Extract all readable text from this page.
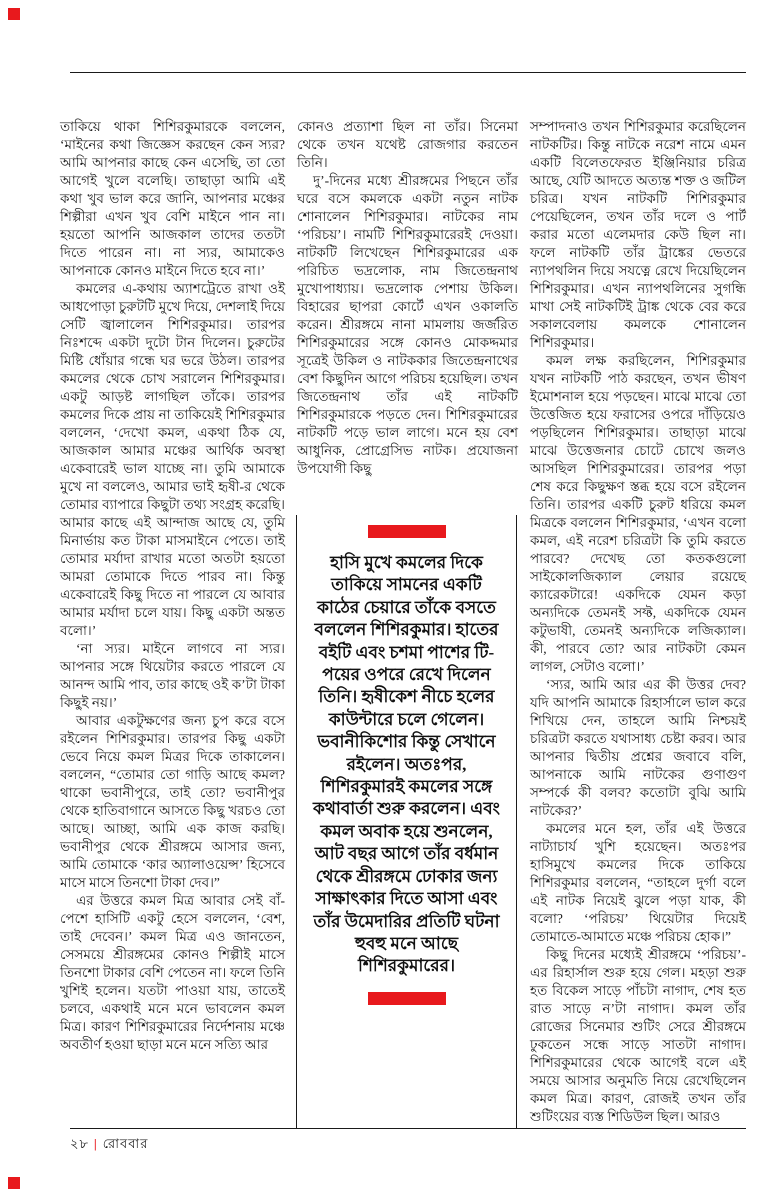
তাকিয়ে থাকা শিশিরকুমারকে বললেন, ‘মাইনের কথা জিজ্ঞেস করছেন কেন স্যর? আমি আপনার কাছে কেন এসেছি, তা তো আগেই খুলে বলেছি। তাছাড়া আমি এই কথা খুব ভাল করে জানি, আপনার মঞ্চের শিল্পীরা এখন খুব বেশি মাইনে পান না। হয়তো আপনি আজকাল তাদের ততটা দিতে পারেন না। না স্যর, আমাকেও আপনাকে কোনও মাইনে দিতে হবে না।’

কমলের এ-কথায় অ্যাশট্রেতে রাখা ওই আধপোড়া চুরুটটি মুখে দিয়ে, দেশলাই দিয়ে সেটি জ্বালালেন শিশিরকুমার। তারপর নিঃশব্দে একটা দুটো টান দিলেন। চুরুটের মিষ্টি ধোঁয়ার গন্ধে ঘর ভরে উঠল। তারপর কমলের থেকে চোখ সরালেন শিশিরকুমার। একটু আড়ষ্ট লাগছিল তাঁকে। তারপর কমলের দিকে প্রায় না তাকিয়েই শিশিরকুমার বললেন, ‘দেখো কমল, একথা ঠিক যে, আজকাল আমার মঞ্চের আর্থিক অবস্থা একেবারেই ভাল যাচ্ছে না। তুমি আমাকে মুখে না বললেও, আমার ভাই হৃষী-র থেকে তোমার ব্যাপারে কিছুটা তথ্য সংগ্রহ করেছি। আমার কাছে এই আন্দাজ আছে যে, তুমি মিনার্ভায় কত টাকা মাসমাইনে পেতে। তাই তোমার মর্যাদা রাখার মতো অতটা হয়তো আমরা তোমাকে দিতে পারব না। কিন্তু একেবারেই কিছু দিতে না পারলে যে আবার আমার মর্যাদা চলে যায়। কিছু একটা অন্তত বলো।’

‘না স্যর। মাইনে লাগবে না স্যর। আপনার সঙ্গে থিয়েটার করতে পারলে যে আনন্দ আমি পাব, তার কাছে ওই ক’টা টাকা কিছুই নয়।’

আবার একটুক্ষণের জন্য চুপ করে বসে রইলেন শিশিরকুমার। তারপর কিছু একটা ভেবে নিয়ে কমল মিত্রর দিকে তাকালেন। বললেন, “তোমার তো গাড়ি আছে কমল? থাকো ভবানীপুরে, তাই তো? ভবানীপুর থেকে হাতিবাগানে আসতে কিছু খরচও তো আছে। আচ্ছা, আমি এক কাজ করছি। ভবানীপুর থেকে শ্রীরঙ্গমে আসার জন্য, আমি তোমাকে ‘কার অ্যালাওয়েন্স’ হিসেবে মাসে মাসে তিনশো টাকা দেব।”

এর উত্তরে কমল মিত্র আবার সেই বাঁ-পেশে হাসিটি একটু হেসে বললেন, ‘বেশ, তাই দেবেন।’ কমল মিত্র এও জানতেন, সেসময়ে শ্রীরঙ্গমের কোনও শিল্পীই মাসে তিনশো টাকার বেশি পেতেন না। ফলে তিনি খুশিই হলেন। যতটা পাওয়া যায়, তাতেই চলবে, একথাই মনে মনে ভাবলেন কমল মিত্র। কারণ শিশিরকুমারের নির্দেশনায় মঞ্চে অবতীর্ণ হওয়া ছাড়া মনে মনে সত্যি আর

কোনও প্রত্যাশা ছিল না তাঁর। সিনেমা থেকে তখন যথেষ্ট রোজগার করতেন তিনি।

দু’-দিনের মধ্যে শ্রীরঙ্গমের পিছনে তাঁর ঘরে বসে কমলকে একটা নতুন নাটক শোনালেন শিশিরকুমার। নাটকের নাম ‘পরিচয়’। নামটি শিশিরকুমারেরই দেওয়া। নাটকটি লিখেছেন শিশিরকুমারের এক পরিচিত ভদ্রলোক, নাম জিতেন্দ্রনাথ মুখোপাধ্যায়। ভদ্রলোক পেশায় উকিল। বিহারের ছাপরা কোর্টে এখন ওকালতি করেন। শ্রীরঙ্গমে নানা মামলায় জর্জরিত শিশিরকুমারের সঙ্গে কোনও মোকদ্দমার সূত্রেই উকিল ও নাটককার জিতেন্দ্রনাথের বেশ কিছুদিন আগে পরিচয় হয়েছিল। তখন জিতেন্দ্রনাথ তাঁর এই নাটকটি শিশিরকুমারকে পড়তে দেন। শিশিরকুমারের নাটকটি পড়ে ভাল লাগে। মনে হয় বেশ আধুনিক, প্রোগ্রেসিভ নাটক। প্রযোজনা উপযোগী কিছু

সম্পাদনাও তখন শিশিরকুমার করেছিলেন নাটকটির। কিন্তু নাটকে নরেশ নামে এমন একটি বিলেতফেরত ইঞ্জিনিয়ার চরিত্র আছে, যেটি আদতে অত্যন্ত শক্ত ও জটিল চরিত্র। যখন নাটকটি শিশিরকুমার পেয়েছিলেন, তখন তাঁর দলে ও পার্ট করার মতো এলেমদার কেউ ছিল না। ফলে নাটকটি তাঁর ট্রাঙ্কের ভেতরে ন্যাপথলিন দিয়ে সযত্নে রেখে দিয়েছিলেন শিশিরকুমার। এখন ন্যাপথলিনের সুগন্ধি মাখা সেই নাটকটিই ট্রাঙ্ক থেকে বের করে সকালবেলায় কমলকে শোনালেন শিশিরকুমার।

কমল লক্ষ করছিলেন, শিশিরকুমার যখন নাটকটি পাঠ করছেন, তখন ভীষণ ইমোশনাল হয়ে পড়ছেন। মাঝে মাঝে তো উত্তেজিত হয়ে ফরাসের ওপরে দাঁড়িয়েও পড়ছিলেন শিশিরকুমার। তাছাড়া মাঝে মাঝে উত্তেজনার চোটে চোখে জলও আসছিল শিশিরকুমারের। তারপর পড়া শেষ করে কিছুক্ষণ স্তব্ধ হয়ে বসে রইলেন তিনি। তারপর একটি চুরুট ধরিয়ে কমল মিত্রকে বললেন শিশিরকুমার, ‘এখন বলো কমল, এই নরেশ চরিত্রটা কি তুমি করতে পারবে? দেখেছ তো কতকগুলো সাইকোলজিক্যাল লেয়ার রয়েছে ক্যারেকটারে! একদিকে যেমন কড়া অন্যদিকে তেমনই সফ্ট, একদিকে যেমন কটুভাষী, তেমনই অন্যদিকে লজিক্যাল। কী, পারবে তো? আর নাটকটা কেমন লাগল, সেটাও বলো।’

‘স্যর, আমি আর এর কী উত্তর দেব? যদি আপনি আমাকে রিহার্সালে ভাল করে শিখিয়ে দেন, তাহলে আমি নিশ্চয়ই চরিত্রটা করতে যথাসাধ্য চেষ্টা করব। আর আপনার দ্বিতীয় প্রশ্নের জবাবে বলি, আপনাকে আমি নাটকের গুণাগুণ সম্পর্কে কী বলব? কতোটা বুঝি আমি নাটকের?’

কমলের মনে হল, তাঁর এই উত্তরে নাট্যাচার্য খুশি হয়েছেন। অতঃপর হাসিমুখে কমলের দিকে তাকিয়ে শিশিরকুমার বললেন, “তাহলে দুর্গা বলে এই নাটক নিয়েই ঝুলে পড়া যাক, কী বলো? ‘পরিচয়’ থিয়েটার দিয়েই তোমাতে-আমাতে মঞ্চে পরিচয় হোক।”

কিছু দিনের মধ্যেই শ্রীরঙ্গমে ‘পরিচয়’-এর রিহার্সাল শুরু হয়ে গেল। মহড়া শুরু হত বিকেল সাড়ে পাঁচটা নাগাদ, শেষ হত রাত সাড়ে ন’টা নাগাদ। কমল তাঁর রোজের সিনেমার শুটিং সেরে শ্রীরঙ্গমে ঢুকতেন সন্ধে সাড়ে সাতটা নাগাদ। শিশিরকুমারের থেকে আগেই বলে এই সময়ে আসার অনুমতি নিয়ে রেখেছিলেন কমল মিত্র। কারণ, রোজই তখন তাঁর শুটিংয়ের ব্যস্ত শিডিউল ছিল। আরও

হাসি মুখে কমলের দিকে তাকিয়ে সামনের একটি কাঠের চেয়ারে তাঁকে বসতে বললেন শিশিরকুমার। হাতের বইটি এবং চশমা পাশের টি-পয়ের ওপরে রেখে দিলেন তিনি। হৃষীকেশ নীচে হলের কাউন্টারে চলে গেলেন। ভবানীকিশোর কিন্তু সেখানে রইলেন। অতঃপর, শিশিরকুমারই কমলের সঙ্গে কথাবার্তা শুরু করলেন। এবং কমল অবাক হয়ে শুনলেন, আট বছর আগে তাঁর বর্ধমান থেকে শ্রীরঙ্গমে ঢোকার জন্য সাক্ষাৎকার দিতে আসা এবং তাঁর উমেদারির প্রতিটি ঘটনা হুবহু মনে আছে শিশিরকুমারের।
২৮ | রোববার
